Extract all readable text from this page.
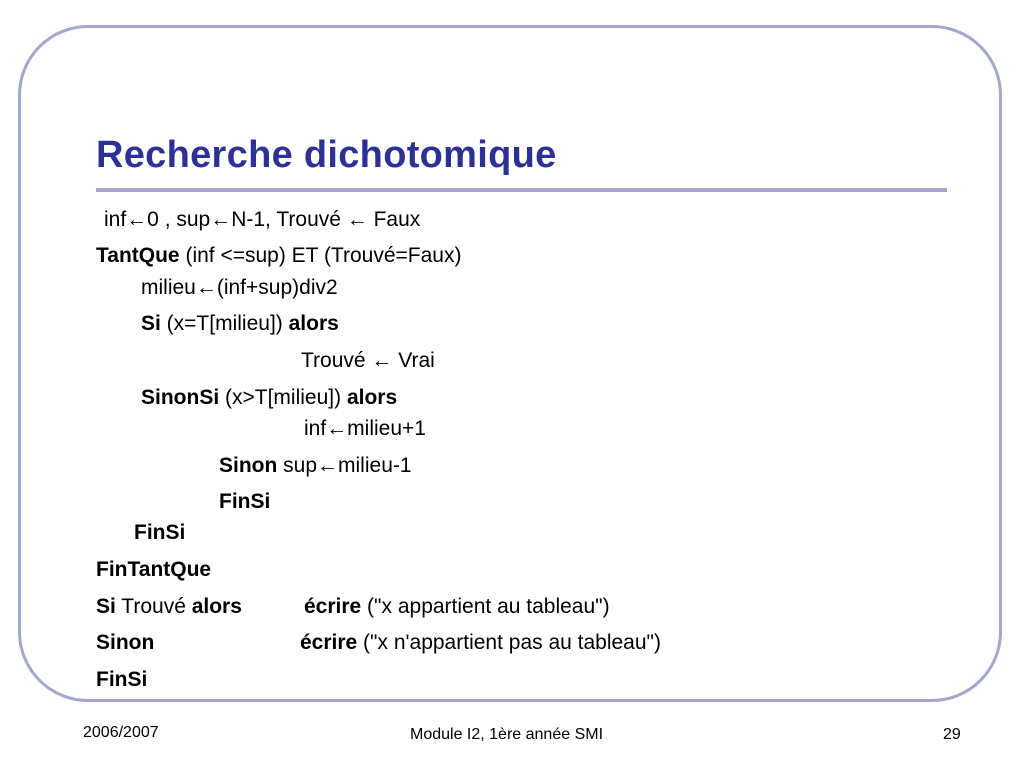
Recherche dichotomique
inf←0 , sup←N-1, Trouvé ← Faux
TantQue (inf <=sup) ET (Trouvé=Faux)
milieu←(inf+sup)div2
Si (x=T[milieu]) alors
Trouvé ← Vrai
SinonSi (x>T[milieu]) alors
inf←milieu+1
Sinon sup←milieu-1
FinSi
FinSi
FinTantQue
Si Trouvé alors	écrire ("x appartient au tableau")
Sinon	écrire ("x n'appartient pas au tableau")
FinSi
2006/2007	Module I2, 1ère année SMI	29
